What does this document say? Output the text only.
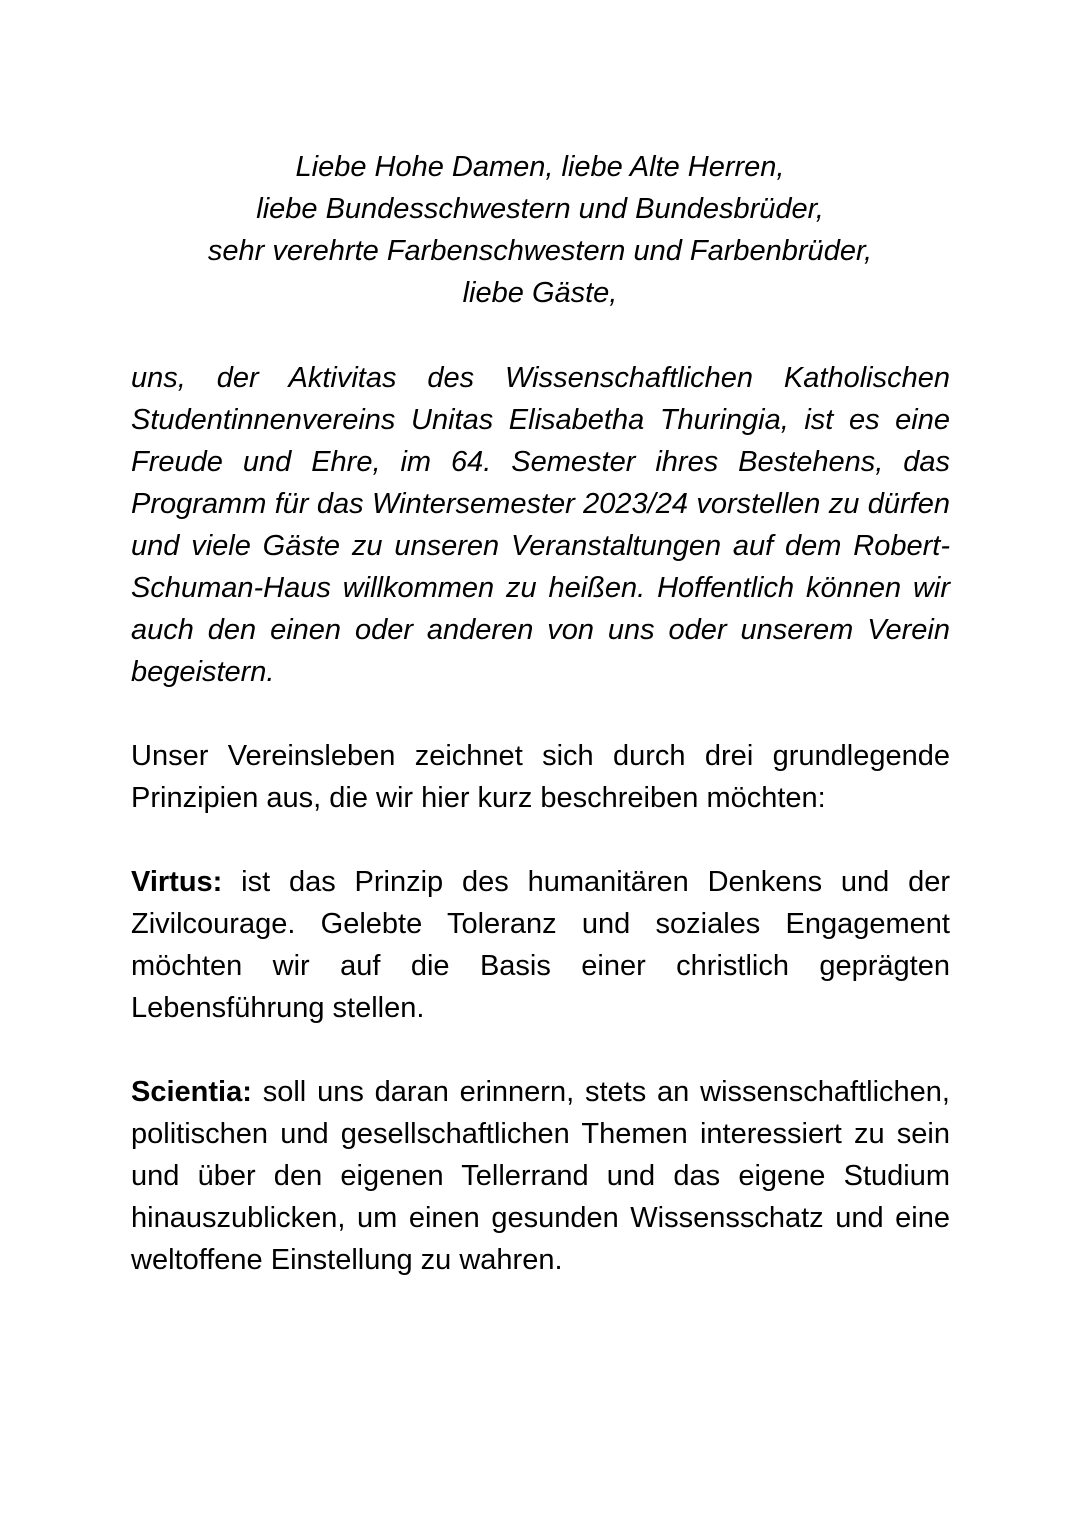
Liebe Hohe Damen, liebe Alte Herren,
liebe Bundesschwestern und Bundesbrüder,
sehr verehrte Farbenschwestern und Farbenbrüder,
liebe Gäste,

uns, der Aktivitas des Wissenschaftlichen Katholischen Studentinnenvereins Unitas Elisabetha Thuringia, ist es eine Freude und Ehre, im 64. Semester ihres Bestehens, das Programm für das Wintersemester 2023/24 vorstellen zu dürfen und viele Gäste zu unseren Veranstaltungen auf dem Robert-Schuman-Haus willkommen zu heißen. Hoffentlich können wir auch den einen oder anderen von uns oder unserem Verein begeistern.

Unser Vereinsleben zeichnet sich durch drei grundlegende Prinzipien aus, die wir hier kurz beschreiben möchten:

Virtus: ist das Prinzip des humanitären Denkens und der Zivilcourage. Gelebte Toleranz und soziales Engagement möchten wir auf die Basis einer christlich geprägten Lebensführung stellen.

Scientia: soll uns daran erinnern, stets an wissenschaftlichen, politischen und gesellschaftlichen Themen interessiert zu sein und über den eigenen Tellerrand und das eigene Studium hinauszublicken, um einen gesunden Wissensschatz und eine weltoffene Einstellung zu wahren.
